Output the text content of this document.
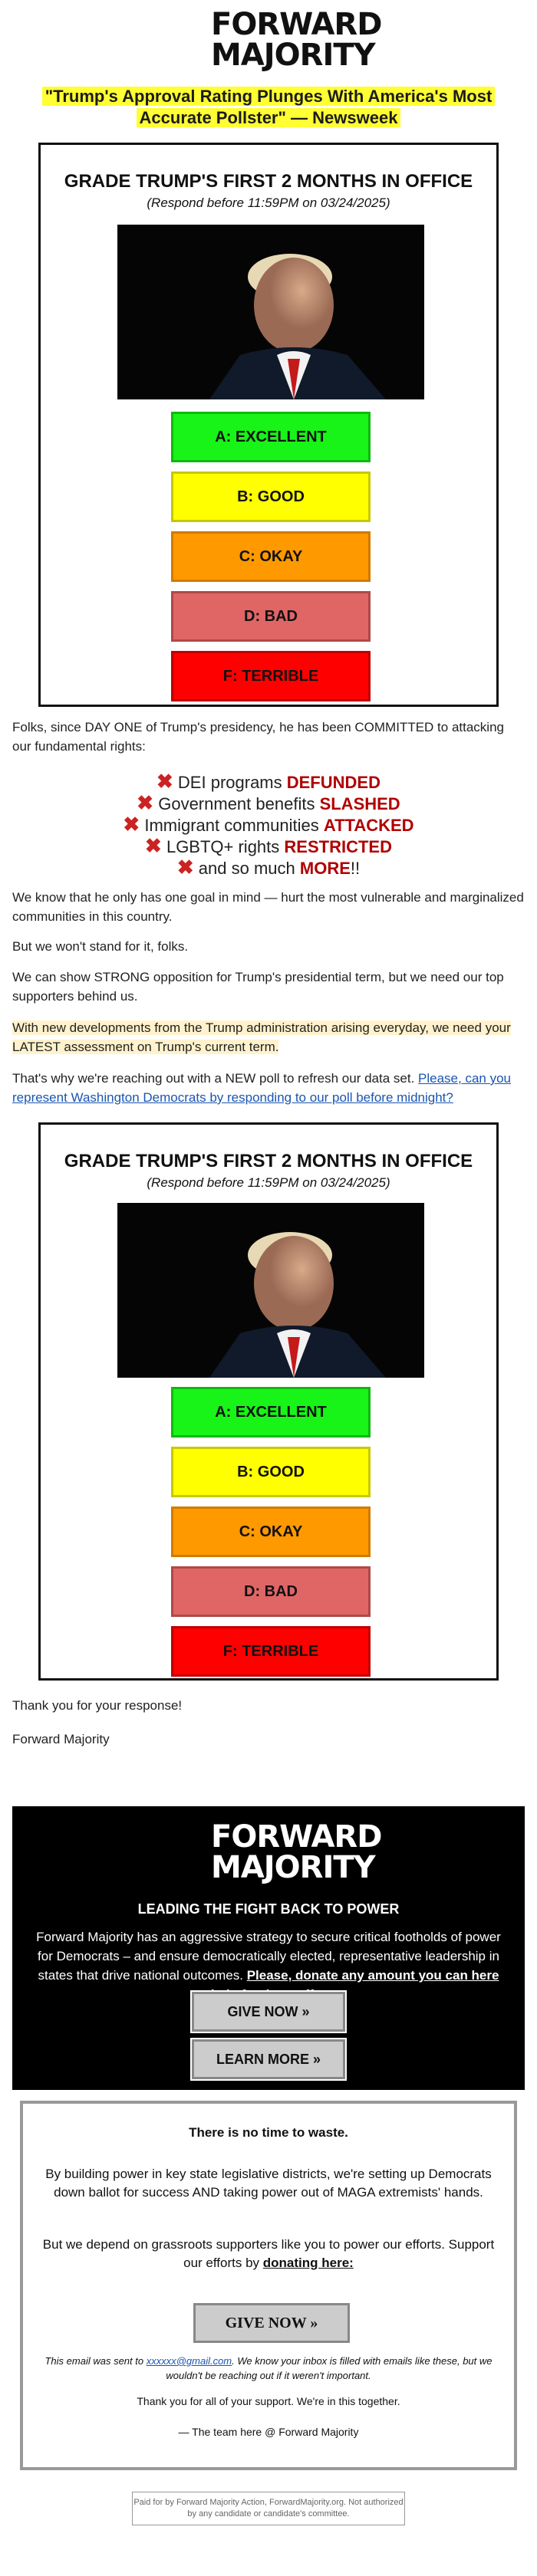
FORWARD
MAJORITY
"Trump's Approval Rating Plunges With America's Most Accurate Pollster" — Newsweek
GRADE TRUMP'S FIRST 2 MONTHS IN OFFICE
(Respond before 11:59PM on 03/24/2025)
A: EXCELLENT
B: GOOD
C: OKAY
D: BAD
F: TERRIBLE
Folks, since DAY ONE of Trump's presidency, he has been COMMITTED to attacking our fundamental rights:
✖ DEI programs DEFUNDED
✖ Government benefits SLASHED
✖ Immigrant communities ATTACKED
✖ LGBTQ+ rights RESTRICTED
✖ and so much MORE!!
We know that he only has one goal in mind — hurt the most vulnerable and marginalized communities in this country.
But we won't stand for it, folks.
We can show STRONG opposition for Trump's presidential term, but we need our top supporters behind us.
With new developments from the Trump administration arising everyday, we need your LATEST assessment on Trump's current term.
That's why we're reaching out with a NEW poll to refresh our data set. Please, can you represent Washington Democrats by responding to our poll before midnight?
GRADE TRUMP'S FIRST 2 MONTHS IN OFFICE
(Respond before 11:59PM on 03/24/2025)
A: EXCELLENT
B: GOOD
C: OKAY
D: BAD
F: TERRIBLE
Thank you for your response!
Forward Majority
FORWARD
MAJORITY
LEADING THE FIGHT BACK TO POWER
Forward Majority has an aggressive strategy to secure critical footholds of power for Democrats – and ensure democratically elected, representative leadership in states that drive national outcomes. Please, donate any amount you can here
GIVE NOW »
LEARN MORE »
There is no time to waste.
By building power in key state legislative districts, we're setting up Democrats down ballot for success AND taking power out of MAGA extremists' hands.
But we depend on grassroots supporters like you to power our efforts. Support our efforts by donating here:
GIVE NOW »
This email was sent to xxxxxx@gmail.com. We know your inbox is filled with emails like these, but we wouldn't be reaching out if it weren't important.
Thank you for all of your support. We're in this together.
— The team here @ Forward Majority
Paid for by Forward Majority Action, ForwardMajority.org. Not authorized by any candidate or candidate's committee.
